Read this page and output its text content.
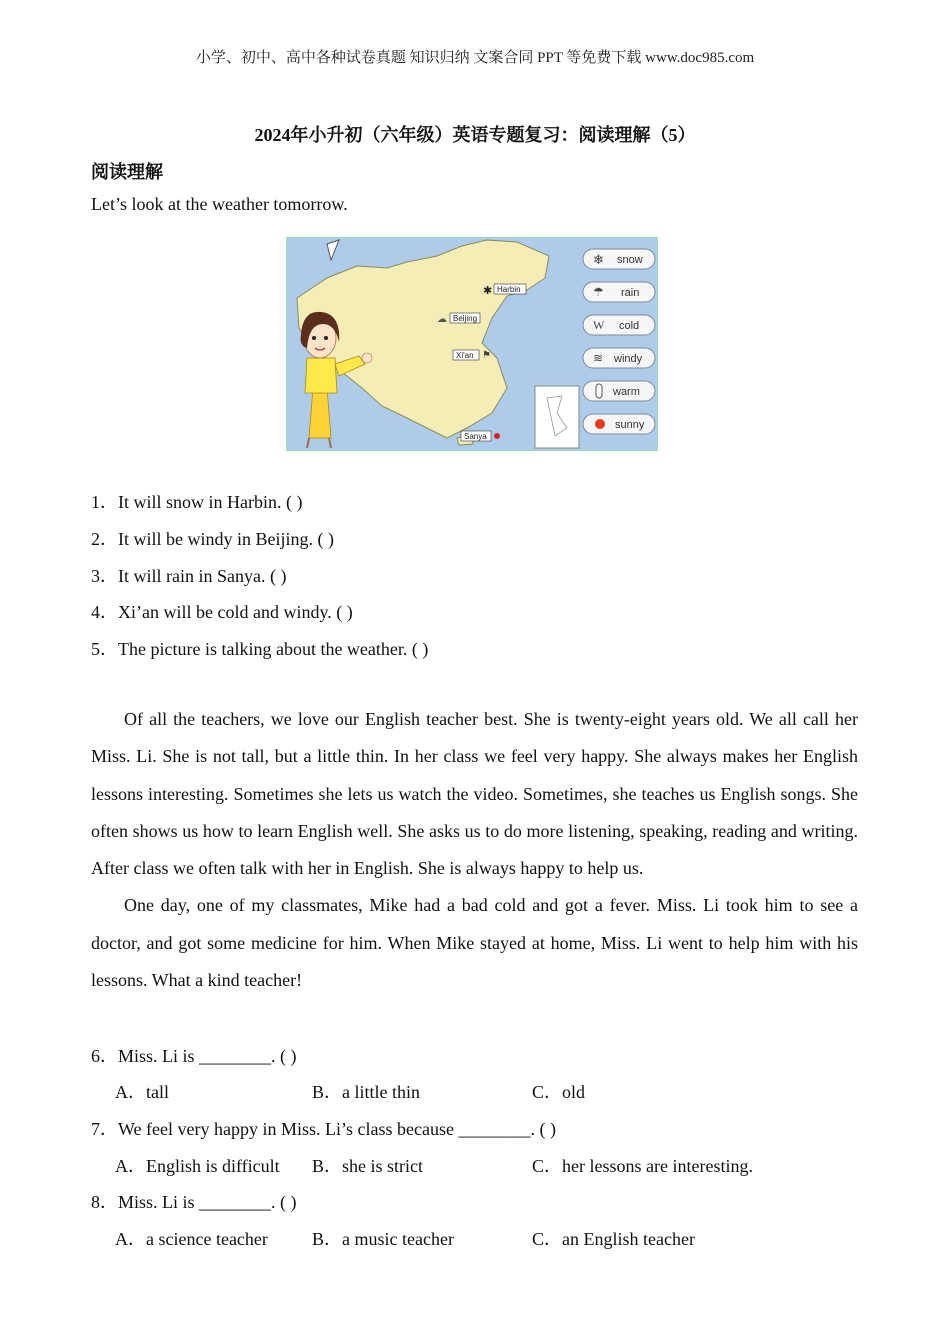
小学、初中、高中各种试卷真题 知识归纳 文案合同 PPT 等免费下载 www.doc985.com
2024年小升初（六年级）英语专题复习：阅读理解（5）
阅读理解
Let’s look at the weather tomorrow.
✱ Harbin
☁ Beijing
Xi'an ⚑
Sanya
❄ snow
☂ rain
W cold
≋ windy
warm
sunny
1．It will snow in Harbin. ( )
2．It will be windy in Beijing. ( )
3．It will rain in Sanya. ( )
4．Xi’an will be cold and windy. ( )
5．The picture is talking about the weather. ( )

Of all the teachers, we love our English teacher best. She is twenty-eight years old. We all call her Miss. Li. She is not tall, but a little thin. In her class we feel very happy. She always makes her English lessons interesting. Sometimes she lets us watch the video. Sometimes, she teaches us English songs. She often shows us how to learn English well. She asks us to do more listening, speaking, reading and writing. After class we often talk with her in English. She is always happy to help us.

One day, one of my classmates, Mike had a bad cold and got a fever. Miss. Li took him to see a doctor, and got some medicine for him. When Mike stayed at home, Miss. Li went to help him with his lessons. What a kind teacher!

6．Miss. Li is ________. ( )
A．tall	B．a little thin	C．old
7．We feel very happy in Miss. Li’s class because ________. ( )
A．English is difficult B．she is strict	C．her lessons are interesting.
8．Miss. Li is ________. ( )
A．a science teacher B．a music teacher	C．an English teacher
